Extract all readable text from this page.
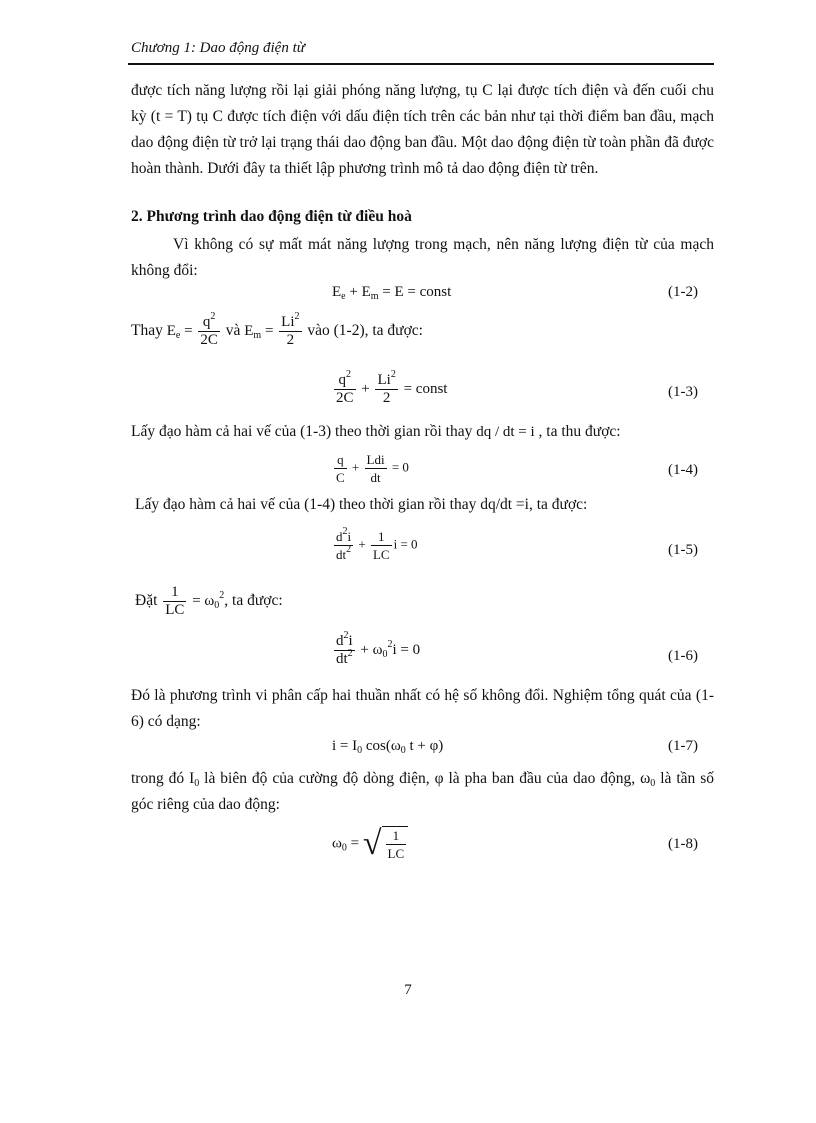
Chương 1: Dao động điện từ
được tích năng lượng rồi lại giải phóng năng lượng, tụ C lại được tích điện và đến cuối chu kỳ (t = T) tụ C được tích điện với dấu điện tích trên các bản như tại thời điểm ban đầu, mạch dao động điện từ trở lại trạng thái dao động ban đầu. Một dao động điện từ toàn phần đã được hoàn thành. Dưới đây ta thiết lập phương trình mô tả dao động điện từ trên.
2. Phương trình dao động điện từ điều hoà
Vì không có sự mất mát năng lượng trong mạch, nên năng lượng điện từ của mạch không đổi:
$E_e + E_m = E$ = const	(1-2)
Thay $E_e = \frac{q^2}{2C}$ và $E_m = \frac{Li^2}{2}$ vào (1-2), ta được:
$\frac{q^2}{2C} + \frac{Li^2}{2}$ = const	(1-3)
Lấy đạo hàm cả hai vế của (1-3) theo thời gian rồi thay dq / dt = i , ta thu được:
$\frac{q}{C} + \frac{\text{Ldi}}{dt} = 0$	(1-4)
Lấy đạo hàm cả hai vế của (1-4) theo thời gian rồi thay dq/dt =i, ta được:
$\frac{d^2i}{dt^2} + \frac{1}{LC}$ i = 0	(1-5)
Đặt $\frac{1}{LC} = \omega_0^2$, ta được:
$\frac{d^2i}{dt^2} + \omega_0^2i = 0$	(1-6)
Đó là phương trình vi phân cấp hai thuần nhất có hệ số không đổi. Nghiệm tổng quát của (1-6) có dạng:
$i = I_0$ $\cos(\omega_0$ t + φ)	(1-7)
trong đó $I_0$ là biên độ của cường độ dòng điện, φ là pha ban đầu của dao động, $\omega_0$ là tần số góc riêng của dao động:
$\omega_0$ = √ $\frac{1}{LC}$	(1-8)
7
